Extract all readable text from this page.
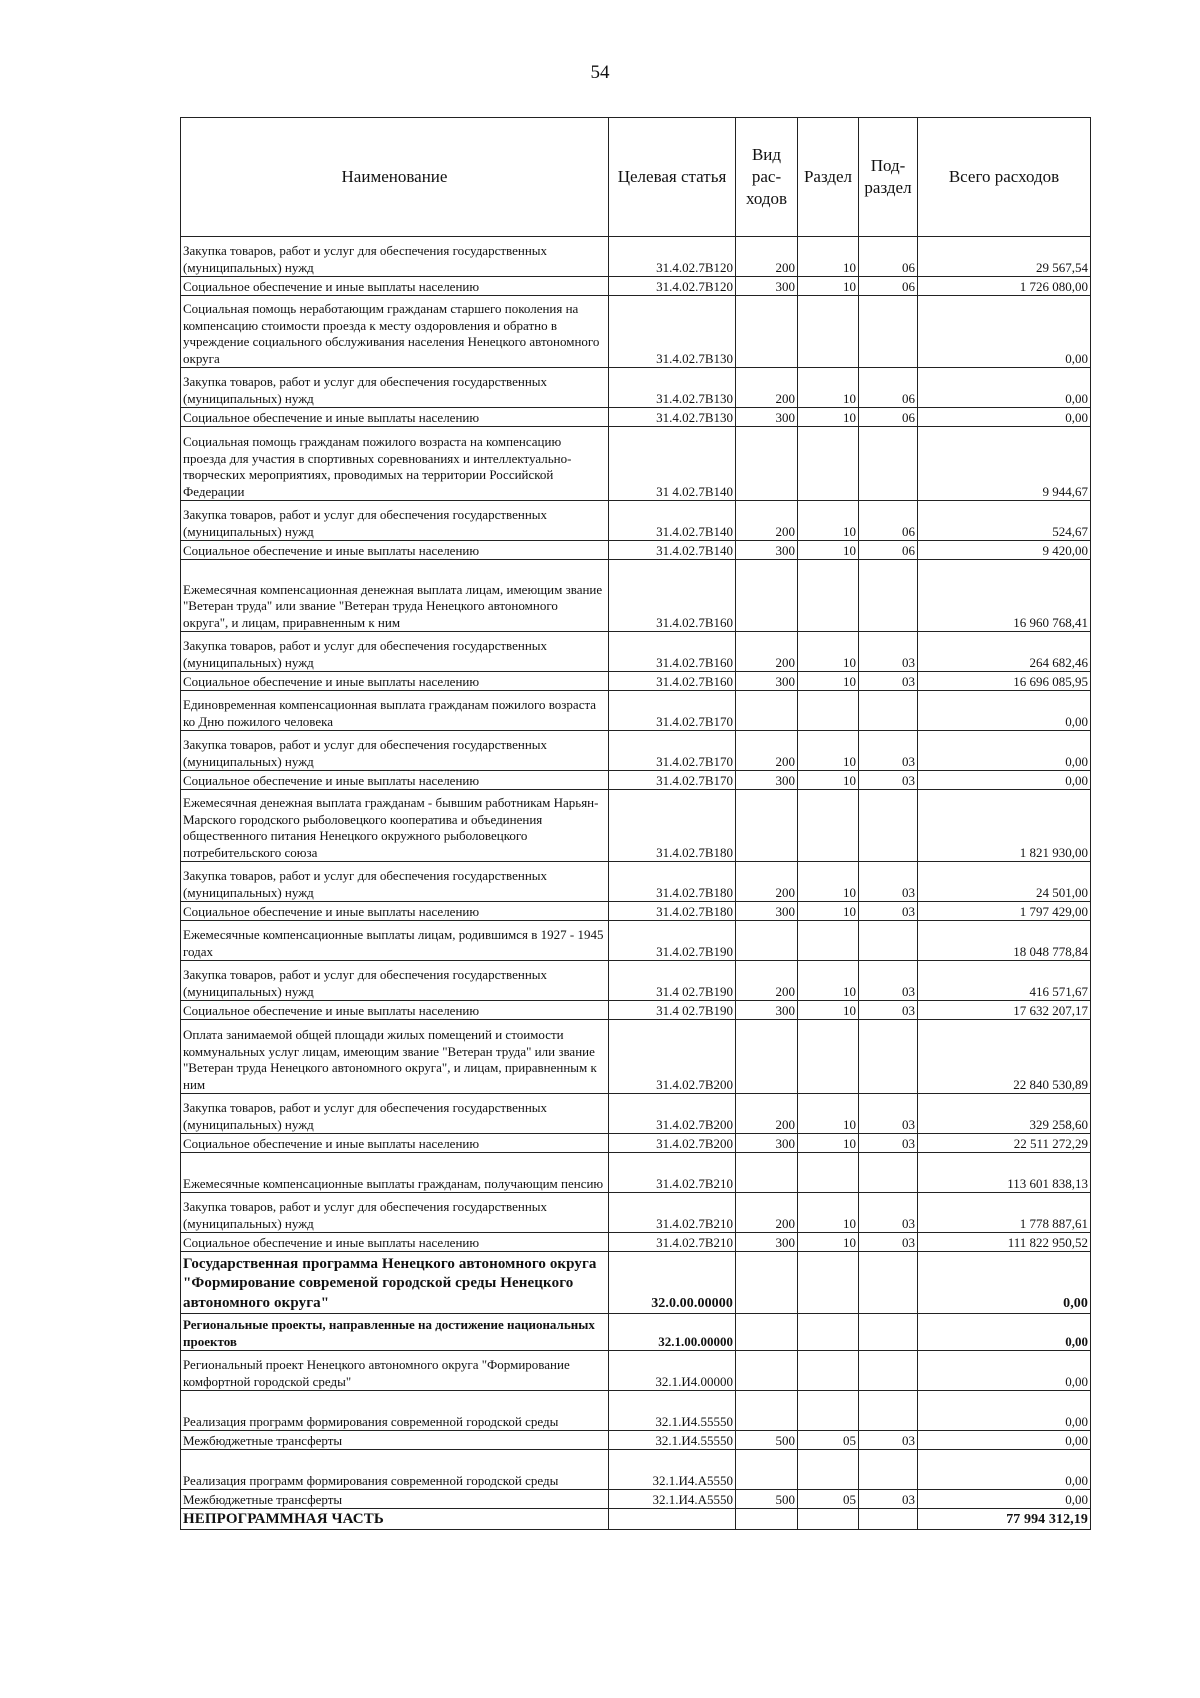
54
Наименование	Целевая статья	Вид рас- ходов	Раздел	Под- раздел	Всего расходов
Закупка товаров, работ и услуг для обеспечения государственных (муниципальных) нужд	31.4.02.7В120	200	10	06	29 567,54
Социальное обеспечение и иные выплаты населению	31.4.02.7В120	300	10	06	1 726 080,00
Социальная помощь неработающим гражданам старшего поколения на компенсацию стоимости проезда к месту оздоровления и обратно в учреждение социального обслуживания населения Ненецкого автономного округа	31.4.02.7В130				0,00
Закупка товаров, работ и услуг для обеспечения государственных (муниципальных) нужд	31.4.02.7В130	200	10	06	0,00
Социальное обеспечение и иные выплаты населению	31.4.02.7В130	300	10	06	0,00
Социальная помощь гражданам пожилого возраста на компенсацию проезда для участия в спортивных соревнованиях и интеллектуально-творческих мероприятиях, проводимых на территории Российской Федерации	31 4.02.7В140				9 944,67
Закупка товаров, работ и услуг для обеспечения государственных (муниципальных) нужд	31.4.02.7В140	200	10	06	524,67
Социальное обеспечение и иные выплаты населению	31.4.02.7В140	300	10	06	9 420,00
Ежемесячная компенсационная денежная выплата лицам, имеющим звание "Ветеран труда" или звание "Ветеран труда Ненецкого автономного округа", и лицам, приравненным к ним	31.4.02.7В160				16 960 768,41
Закупка товаров, работ и услуг для обеспечения государственных (муниципальных) нужд	31.4.02.7В160	200	10	03	264 682,46
Социальное обеспечение и иные выплаты населению	31.4.02.7В160	300	10	03	16 696 085,95
Единовременная компенсационная выплата гражданам пожилого возраста ко Дню пожилого человека	31.4.02.7В170				0,00
Закупка товаров, работ и услуг для обеспечения государственных (муниципальных) нужд	31.4.02.7В170	200	10	03	0,00
Социальное обеспечение и иные выплаты населению	31.4.02.7В170	300	10	03	0,00
Ежемесячная денежная выплата гражданам - бывшим работникам Нарьян-Марского городского рыболовецкого кооператива и объединения общественного питания Ненецкого окружного рыболовецкого потребительского союза	31.4.02.7В180				1 821 930,00
Закупка товаров, работ и услуг для обеспечения государственных (муниципальных) нужд	31.4.02.7В180	200	10	03	24 501,00
Социальное обеспечение и иные выплаты населению	31.4.02.7В180	300	10	03	1 797 429,00
Ежемесячные компенсационные выплаты лицам, родившимся в 1927 - 1945 годах	31.4.02.7В190				18 048 778,84
Закупка товаров, работ и услуг для обеспечения государственных (муниципальных) нужд	31.4 02.7В190	200	10	03	416 571,67
Социальное обеспечение и иные выплаты населению	31.4 02.7В190	300	10	03	17 632 207,17
Оплата занимаемой общей площади жилых помещений и стоимости коммунальных услуг лицам, имеющим звание "Ветеран труда" или звание "Ветеран труда Ненецкого автономного округа", и лицам, приравненным к ним	31.4.02.7В200				22 840 530,89
Закупка товаров, работ и услуг для обеспечения государственных (муниципальных) нужд	31.4.02.7В200	200	10	03	329 258,60
Социальное обеспечение и иные выплаты населению	31.4.02.7В200	300	10	03	22 511 272,29
Ежемесячные компенсационные выплаты гражданам, получающим пенсию	31.4.02.7В210				113 601 838,13
Закупка товаров, работ и услуг для обеспечения государственных (муниципальных) нужд	31.4.02.7В210	200	10	03	1 778 887,61
Социальное обеспечение и иные выплаты населению	31.4.02.7В210	300	10	03	111 822 950,52
Государственная программа Ненецкого автономного округа "Формирование современой городской среды Ненецкого автономного округа"	32.0.00.00000				0,00
Региональные проекты, направленные на достижение национальных проектов	32.1.00.00000				0,00
Региональный проект Ненецкого автономного округа "Формирование комфортной городской среды"	32.1.И4.00000				0,00
Реализация программ формирования современной городской среды	32.1.И4.55550				0,00
Межбюджетные трансферты	32.1.И4.55550	500	05	03	0,00
Реализация программ формирования современной городской среды	32.1.И4.А5550				0,00
Межбюджетные трансферты	32.1.И4.А5550	500	05	03	0,00
НЕПРОГРАММНАЯ ЧАСТЬ					77 994 312,19
